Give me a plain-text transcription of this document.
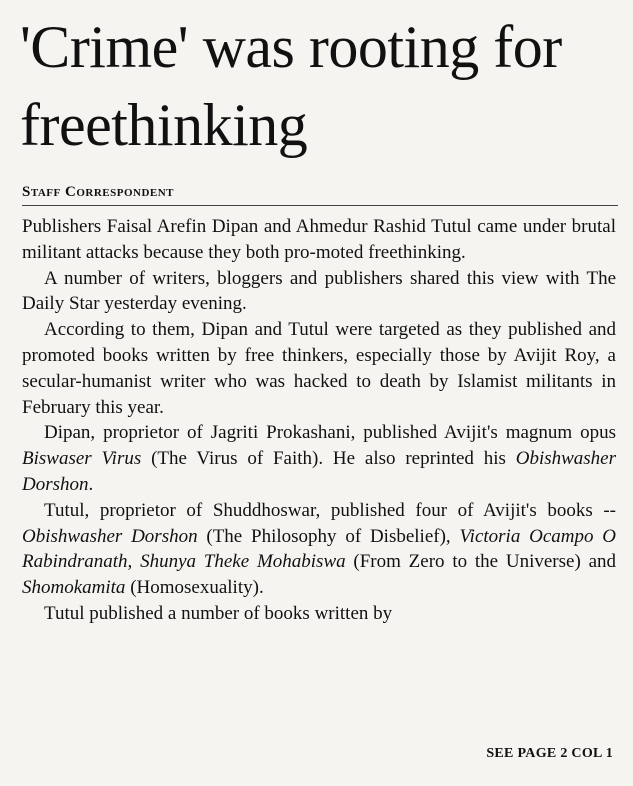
'Crime' was rooting for freethinking
Staff Correspondent

Publishers Faisal Arefin Dipan and Ahmedur Rashid Tutul came under brutal militant attacks because they both pro-moted freethinking.

A number of writers, bloggers and publishers shared this view with The Daily Star yesterday evening.

According to them, Dipan and Tutul were targeted as they published and promoted books written by free thinkers, especially those by Avijit Roy, a secular-humanist writer who was hacked to death by Islamist militants in February this year.

Dipan, proprietor of Jagriti Prokashani, published Avijit's magnum opus Biswaser Virus (The Virus of Faith). He also reprinted his Obishwasher Dorshon.

Tutul, proprietor of Shuddhoswar, published four of Avijit's books -- Obishwasher Dorshon (The Philosophy of Disbelief), Victoria Ocampo O Rabindranath, Shunya Theke Mohabiswa (From Zero to the Universe) and Shomokamita (Homosexuality).

Tutul published a number of books written by

SEE PAGE 2 COL 1
